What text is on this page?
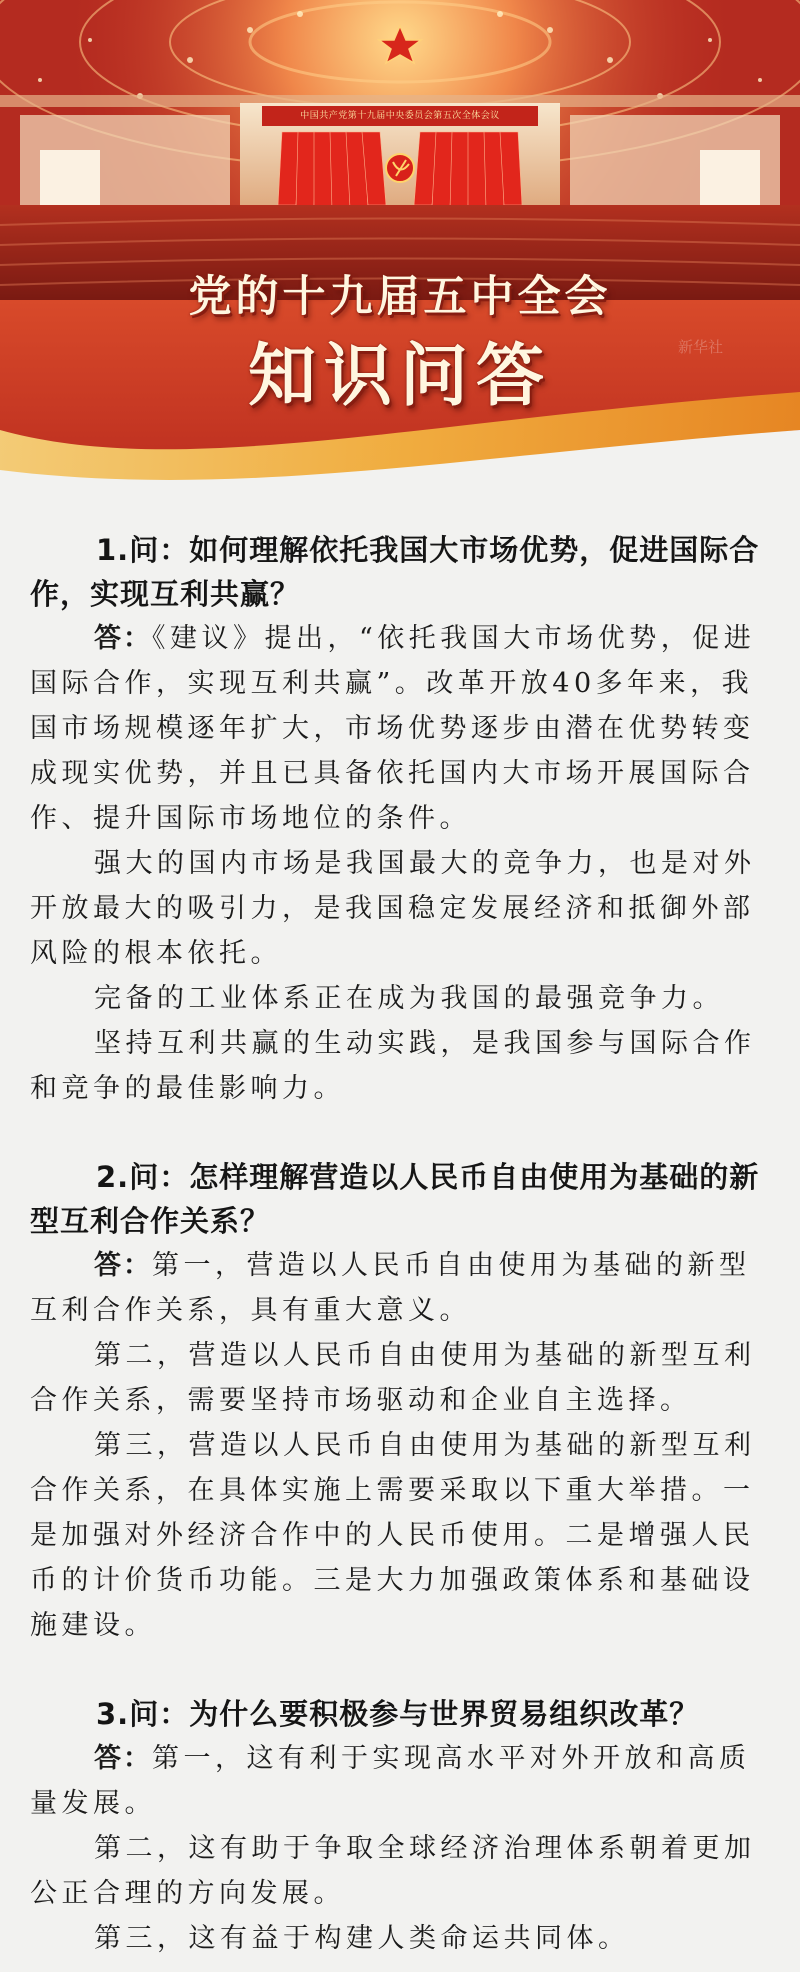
中国共产党第十九届中央委员会第五次全体会议
党的十九届五中全会
知识问答	新华社

1.问：如何理解依托我国大市场优势，促进国际合作，实现互利共赢？

答：《建议》提出，“依托我国大市场优势，促进国际合作，实现互利共赢”。改革开放40多年来，我国市场规模逐年扩大，市场优势逐步由潜在优势转变成现实优势，并且已具备依托国内大市场开展国际合作、提升国际市场地位的条件。

强大的国内市场是我国最大的竞争力，也是对外开放最大的吸引力，是我国稳定发展经济和抵御外部风险的根本依托。

完备的工业体系正在成为我国的最强竞争力。

坚持互利共赢的生动实践，是我国参与国际合作和竞争的最佳影响力。

2.问：怎样理解营造以人民币自由使用为基础的新型互利合作关系？

答：第一，营造以人民币自由使用为基础的新型互利合作关系，具有重大意义。

第二，营造以人民币自由使用为基础的新型互利合作关系，需要坚持市场驱动和企业自主选择。

第三，营造以人民币自由使用为基础的新型互利合作关系，在具体实施上需要采取以下重大举措。一是加强对外经济合作中的人民币使用。二是增强人民币的计价货币功能。三是大力加强政策体系和基础设施建设。

3.问：为什么要积极参与世界贸易组织改革？

答：第一，这有利于实现高水平对外开放和高质量发展。

第二，这有助于争取全球经济治理体系朝着更加公正合理的方向发展。

第三，这有益于构建人类命运共同体。
